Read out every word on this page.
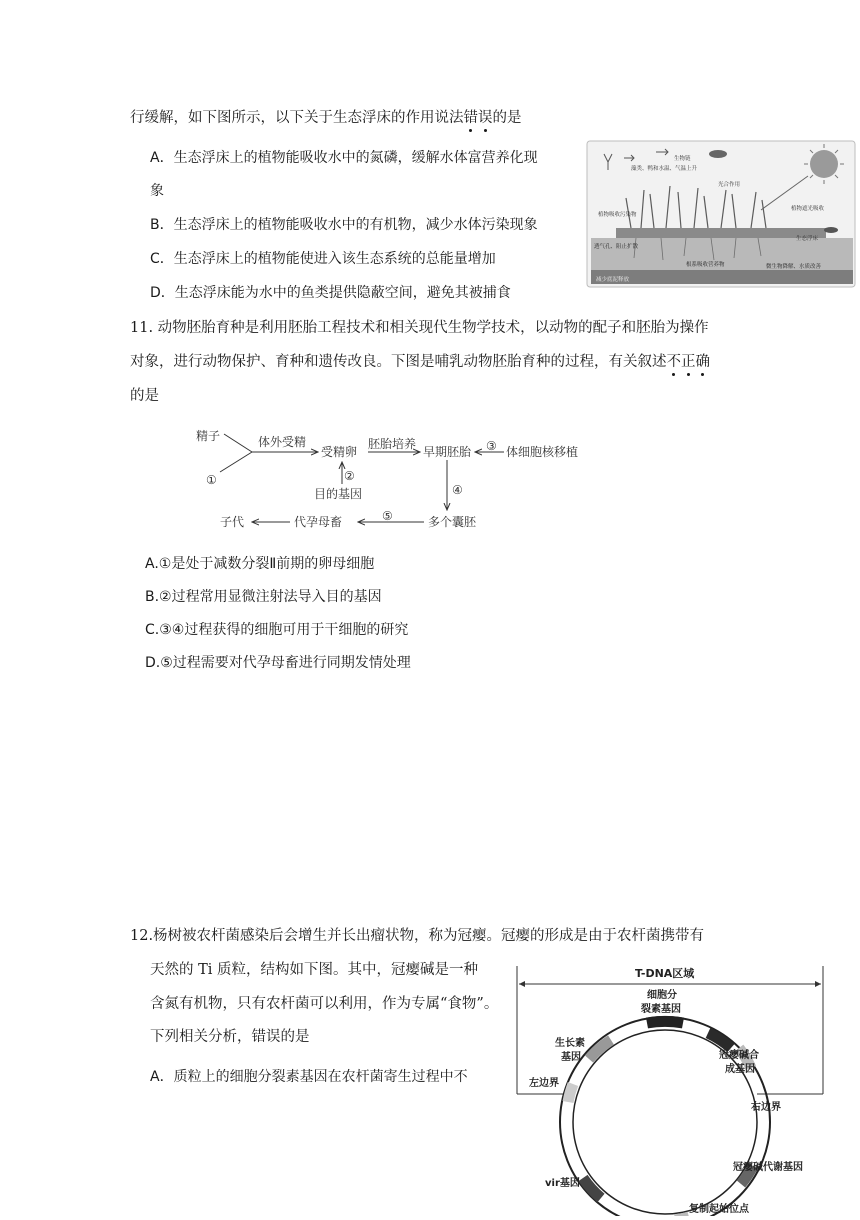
行缓解，如下图所示，以下关于生态浮床的作用说法错误的是
A．生态浮床上的植物能吸收水中的氮磷，缓解水体富营养化现
象
B．生态浮床上的植物能吸收水中的有机物，减少水体污染现象
C．生态浮床上的植物能使进入该生态系统的总能量增加
D．生态浮床能为水中的鱼类提供隐蔽空间，避免其被捕食
藻类、鸭和水温、气温上升
生物链
光合作用
植物吸收污染物
植物遮光吸收
生态浮床
透气孔、阻止扩散
根系吸收营养物	微生物降解、水质改善
减少底泥释放
11. 动物胚胎育种是利用胚胎工程技术和相关现代生物学技术，以动物的配子和胚胎为操作
对象，进行动物保护、育种和遗传改良。下图是哺乳动物胚胎育种的过程，有关叙述不正确
的是
精子
①
体外受精
受精卵
胚胎培养
早期胚胎 ③ 体细胞核移植
②
目的基因	④
多个囊胚
⑤
代孕母畜
子代
A.①是处于减数分裂Ⅱ前期的卵母细胞
B.②过程常用显微注射法导入目的基因
C.③④过程获得的细胞可用于干细胞的研究
D.⑤过程需要对代孕母畜进行同期发情处理
12.杨树被农杆菌感染后会增生并长出瘤状物，称为冠瘿。冠瘿的形成是由于农杆菌携带有
天然的 Ti 质粒，结构如下图。其中，冠瘿碱是一种
含氮有机物，只有农杆菌可以利用，作为专属“食物”。
下列相关分析，错误的是
A．质粒上的细胞分裂素基因在农杆菌寄生过程中不
T-DNA区域
细胞分
裂素基因
生长素
基因	冠瘿碱合
成基因
左边界
右边界
冠瘿碱代谢基因
vir基因
复制起始位点
